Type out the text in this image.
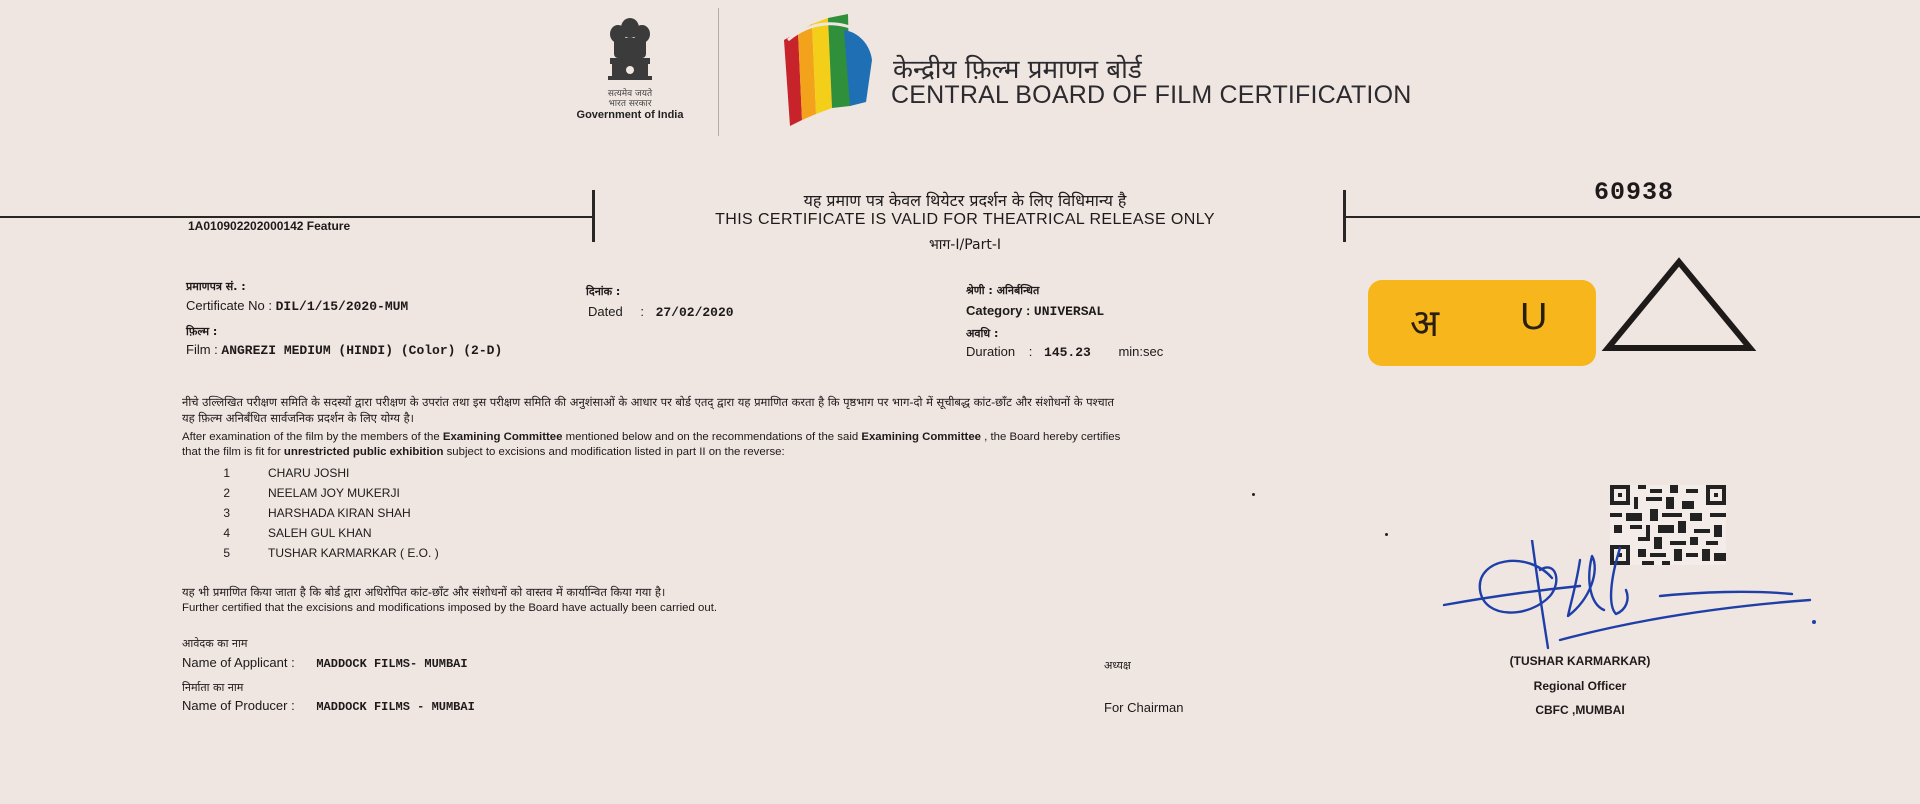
सत्यमेव जयते
भारत सरकार
Government of India
केन्द्रीय फ़िल्म प्रमाणन बोर्ड
CENTRAL BOARD OF FILM CERTIFICATION
1A010902202000142 Feature
60938
यह प्रमाण पत्र केवल थियेटर प्रदर्शन के लिए विधिमान्य है
THIS CERTIFICATE IS VALID FOR THEATRICAL RELEASE ONLY
भाग-I/Part-I
प्रमाणपत्र सं. :
Certificate No : DIL/1/15/2020-MUM
दिनांक :
Dated : 27/02/2020
श्रेणी : अनिर्बन्धित
Category : UNIVERSAL
फ़िल्म :
Film : ANGREZI MEDIUM (HINDI) (Color) (2-D)
अवधि :
Duration : 145.23 min:sec
अ U
नीचे उल्लिखित परीक्षण समिति के सदस्यों द्वारा परीक्षण के उपरांत तथा इस परीक्षण समिति की अनुशंसाओं के आधार पर बोर्ड एतद् द्वारा यह प्रमाणित करता है कि पृष्ठभाग पर भाग-दो में सूचीबद्ध कांट-छाँट और संशोधनों के पश्चात
यह फ़िल्म अनिर्बंधित सार्वजनिक प्रदर्शन के लिए योग्य है।
After examination of the film by the members of the Examining Committee mentioned below and on the recommendations of the said Examining Committee , the Board hereby certifies
that the film is fit for unrestricted public exhibition subject to excisions and modification listed in part II on the reverse:
1	CHARU JOSHI
2	NEELAM JOY MUKERJI
3	HARSHADA KIRAN SHAH
4	SALEH GUL KHAN
5	TUSHAR KARMARKAR ( E.O. )
यह भी प्रमाणित किया जाता है कि बोर्ड द्वारा अधिरोपित कांट-छाँट और संशोधनों को वास्तव में कार्यान्वित किया गया है।
Further certified that the excisions and modifications imposed by the Board have actually been carried out.
आवेदक का नाम
Name of Applicant : MADDOCK FILMS- MUMBAI
निर्माता का नाम
Name of Producer : MADDOCK FILMS - MUMBAI
अध्यक्ष
For Chairman
(TUSHAR KARMARKAR)
Regional Officer
CBFC ,MUMBAI
